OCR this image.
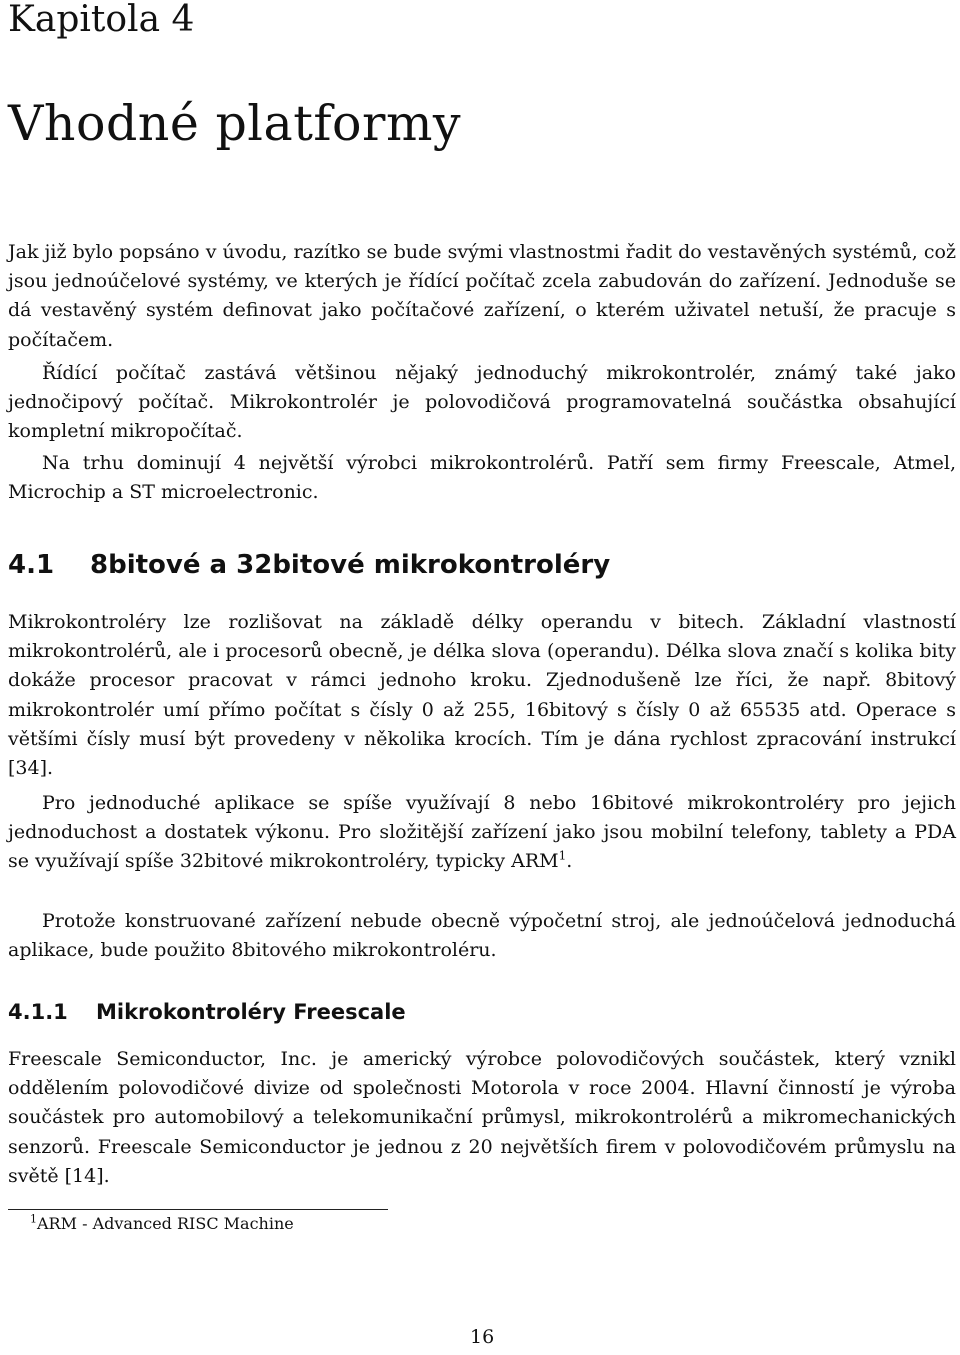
Kapitola 4
Vhodné platformy

Jak již bylo popsáno v úvodu, razítko se bude svými vlastnostmi řadit do vestavěných systémů, což jsou jednoúčelové systémy, ve kterých je řídící počítač zcela zabudován do zařízení. Jednoduše se dá vestavěný systém definovat jako počítačové zařízení, o kterém uživatel netuší, že pracuje s počítačem.

Řídící počítač zastává většinou nějaký jednoduchý mikrokontrolér, známý také jako jednočipový počítač. Mikrokontrolér je polovodičová programovatelná součástka obsahující kompletní mikropočítač.

Na trhu dominují 4 největší výrobci mikrokontrolérů. Patří sem firmy Freescale, Atmel, Microchip a ST microelectronic.

4.1 8bitové a 32bitové mikrokontroléry

Mikrokontroléry lze rozlišovat na základě délky operandu v bitech. Základní vlastností mikrokontrolérů, ale i procesorů obecně, je délka slova (operandu). Délka slova značí s kolika bity dokáže procesor pracovat v rámci jednoho kroku. Zjednodušeně lze říci, že např. 8bitový mikrokontrolér umí přímo počítat s čísly 0 až 255, 16bitový s čísly 0 až 65535 atd. Operace s většími čísly musí být provedeny v několika krocích. Tím je dána rychlost zpracování instrukcí [34].

Pro jednoduché aplikace se spíše využívají 8 nebo 16bitové mikrokontroléry pro jejich jednoduchost a dostatek výkonu. Pro složitější zařízení jako jsou mobilní telefony, tablety a PDA se využívají spíše 32bitové mikrokontroléry, typicky ARM$^1$.

Protože konstruované zařízení nebude obecně výpočetní stroj, ale jednoúčelová jednoduchá aplikace, bude použito 8bitového mikrokontroléru.

4.1.1 Mikrokontroléry Freescale

Freescale Semiconductor, Inc. je americký výrobce polovodičových součástek, který vznikl oddělením polovodičové divize od společnosti Motorola v roce 2004. Hlavní činností je výroba součástek pro automobilový a telekomunikační průmysl, mikrokontrolérů a mikromechanických senzorů. Freescale Semiconductor je jednou z 20 největších firem v polovodičovém průmyslu na světě [14].

$^1$ARM - Advanced RISC Machine

16
